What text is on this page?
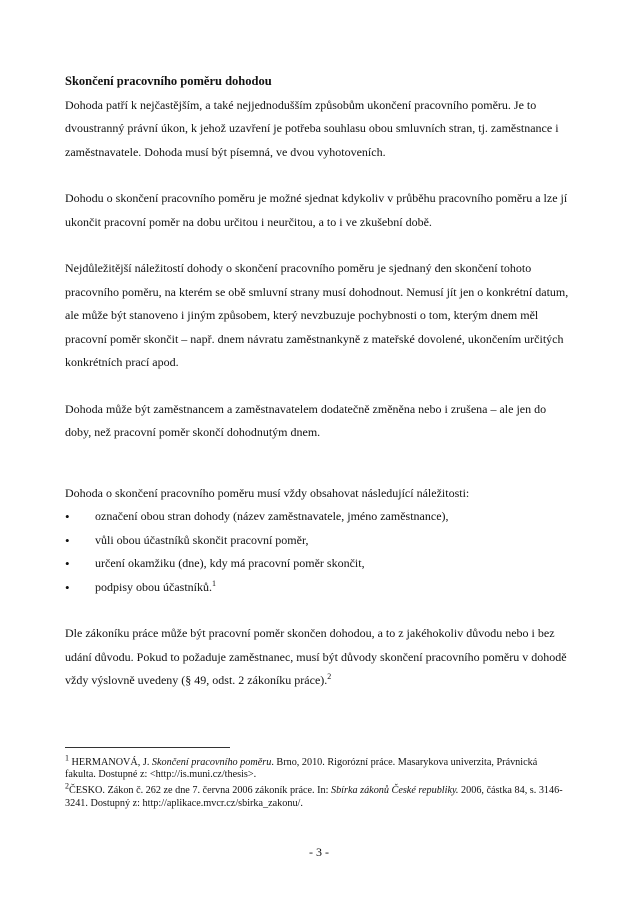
Skončení pracovního poměru dohodou

Dohoda patří k nejčastějším, a také nejjednodušším způsobům ukončení pracovního poměru. Je to dvoustranný právní úkon, k jehož uzavření je potřeba souhlasu obou smluvních stran, tj. zaměstnance i zaměstnavatele. Dohoda musí být písemná, ve dvou vyhotoveních.

Dohodu o skončení pracovního poměru je možné sjednat kdykoliv v průběhu pracovního poměru a lze jí ukončit pracovní poměr na dobu určitou i neurčitou, a to i ve zkušební době.

Nejdůležitější náležitostí dohody o skončení pracovního poměru je sjednaný den skončení tohoto pracovního poměru, na kterém se obě smluvní strany musí dohodnout. Nemusí jít jen o konkrétní datum, ale může být stanoveno i jiným způsobem, který nevzbuzuje pochybnosti o tom, kterým dnem měl pracovní poměr skončit – např. dnem návratu zaměstnankyně z mateřské dovolené, ukončením určitých konkrétních prací apod.

Dohoda může být zaměstnancem a zaměstnavatelem dodatečně změněna nebo i zrušena – ale jen do doby, než pracovní poměr skončí dohodnutým dnem.

Dohoda o skončení pracovního poměru musí vždy obsahovat následující náležitosti:

• označení obou stran dohody (název zaměstnavatele, jméno zaměstnance),
• vůli obou účastníků skončit pracovní poměr,
• určení okamžiku (dne), kdy má pracovní poměr skončit,
• podpisy obou účastníků.$^1$

Dle zákoníku práce může být pracovní poměr skončen dohodou, a to z jakéhokoliv důvodu nebo i bez udání důvodu. Pokud to požaduje zaměstnanec, musí být důvody skončení pracovního poměru v dohodě vždy výslovně uvedeny (§ 49, odst. 2 zákoníku práce).$^2$

$^1$ HERMANOVÁ, J. Skončení pracovního poměru. Brno, 2010. Rigorózní práce. Masarykova univerzita, Právnická fakulta. Dostupné z: <http://is.muni.cz/thesis>.

$^2$ČESKO. Zákon č. 262 ze dne 7. června 2006 zákoník práce. In: Sbírka zákonů České republiky. 2006, částka 84, s. 3146-3241. Dostupný z: http://aplikace.mvcr.cz/sbirka_zakonu/.

- 3 -
